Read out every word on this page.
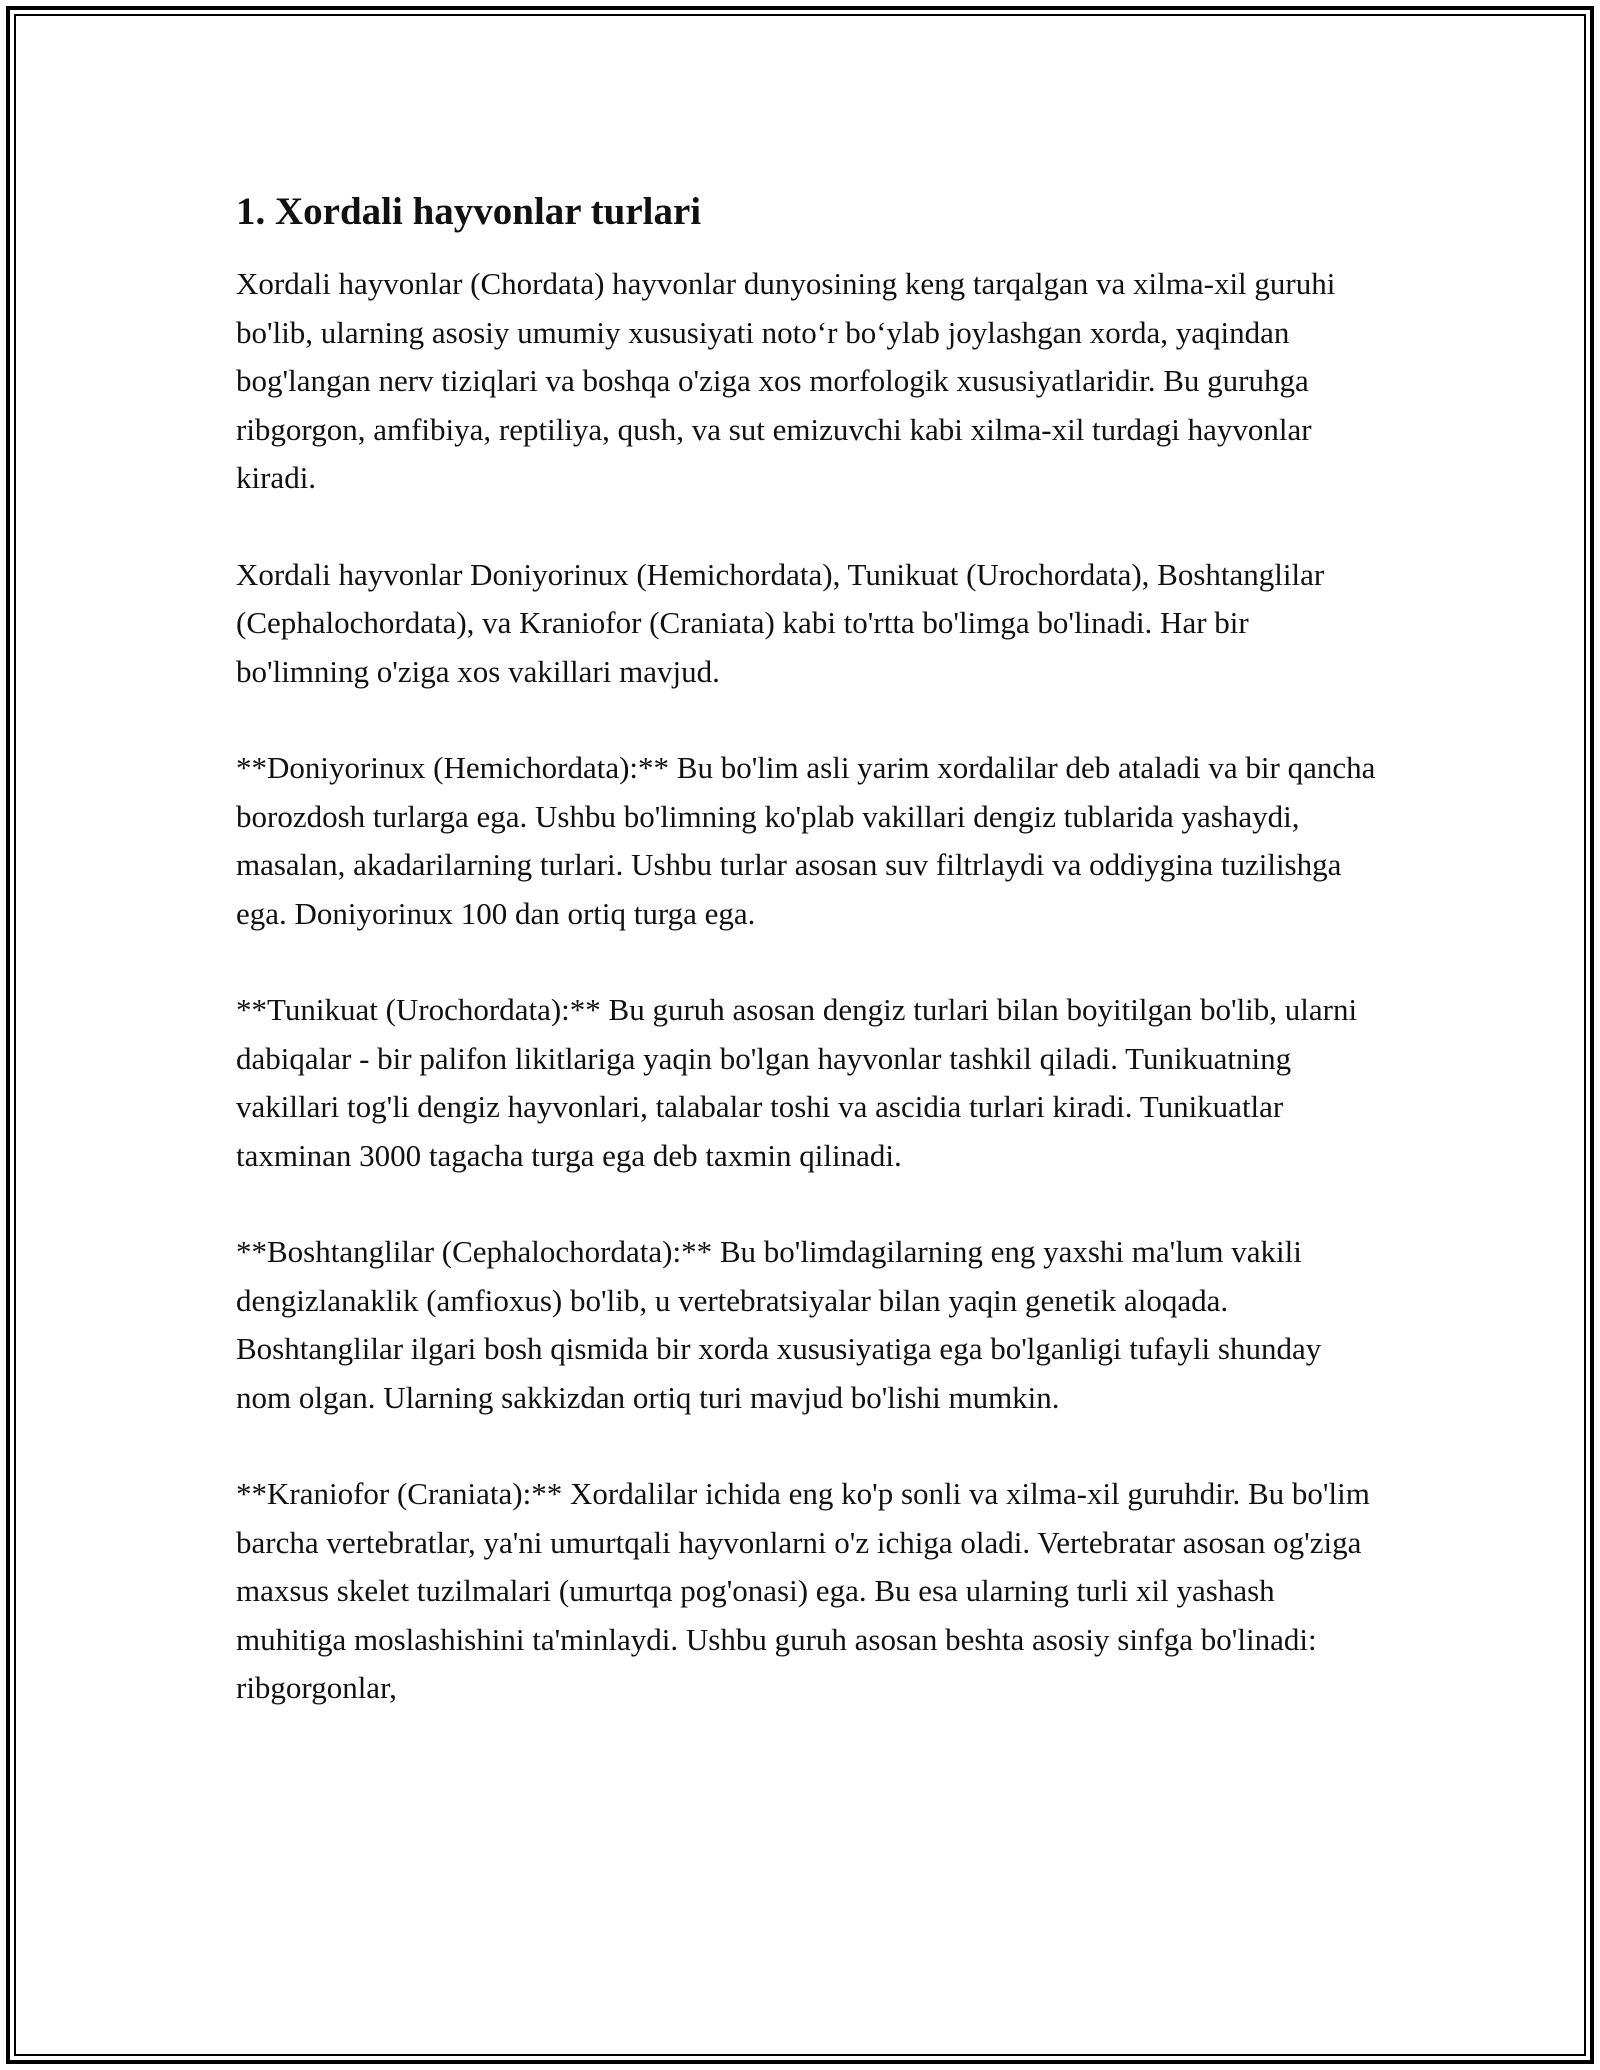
1. Xordali hayvonlar turlari

Xordali hayvonlar (Chordata) hayvonlar dunyosining keng tarqalgan va xilma-xil guruhi bo'lib, ularning asosiy umumiy xususiyati noto‘r bo‘ylab joylashgan xorda, yaqindan bog'langan nerv tiziqlari va boshqa o'ziga xos morfologik xususiyatlaridir. Bu guruhga ribgorgon, amfibiya, reptiliya, qush, va sut emizuvchi kabi xilma-xil turdagi hayvonlar kiradi.

Xordali hayvonlar Doniyorinux (Hemichordata), Tunikuat (Urochordata), Boshtanglilar (Cephalochordata), va Kraniofor (Craniata) kabi to'rtta bo'limga bo'linadi. Har bir bo'limning o'ziga xos vakillari mavjud.

**Doniyorinux (Hemichordata):** Bu bo'lim asli yarim xordalilar deb ataladi va bir qancha borozdosh turlarga ega. Ushbu bo'limning ko'plab vakillari dengiz tublarida yashaydi, masalan, akadarilarning turlari. Ushbu turlar asosan suv filtrlaydi va oddiygina tuzilishga ega. Doniyorinux 100 dan ortiq turga ega.

**Tunikuat (Urochordata):** Bu guruh asosan dengiz turlari bilan boyitilgan bo'lib, ularni dabiqalar - bir palifon likitlariga yaqin bo'lgan hayvonlar tashkil qiladi. Tunikuatning vakillari tog'li dengiz hayvonlari, talabalar toshi va ascidia turlari kiradi. Tunikuatlar taxminan 3000 tagacha turga ega deb taxmin qilinadi.

**Boshtanglilar (Cephalochordata):** Bu bo'limdagilarning eng yaxshi ma'lum vakili dengizlanaklik (amfioxus) bo'lib, u vertebratsiyalar bilan yaqin genetik aloqada. Boshtanglilar ilgari bosh qismida bir xorda xususiyatiga ega bo'lganligi tufayli shunday nom olgan. Ularning sakkizdan ortiq turi mavjud bo'lishi mumkin.

**Kraniofor (Craniata):** Xordalilar ichida eng ko'p sonli va xilma-xil guruhdir. Bu bo'lim barcha vertebratlar, ya'ni umurtqali hayvonlarni o'z ichiga oladi. Vertebratar asosan og'ziga maxsus skelet tuzilmalari (umurtqa pog'onasi) ega. Bu esa ularning turli xil yashash muhitiga moslashishini ta'minlaydi. Ushbu guruh asosan beshta asosiy sinfga bo'linadi: ribgorgonlar,
